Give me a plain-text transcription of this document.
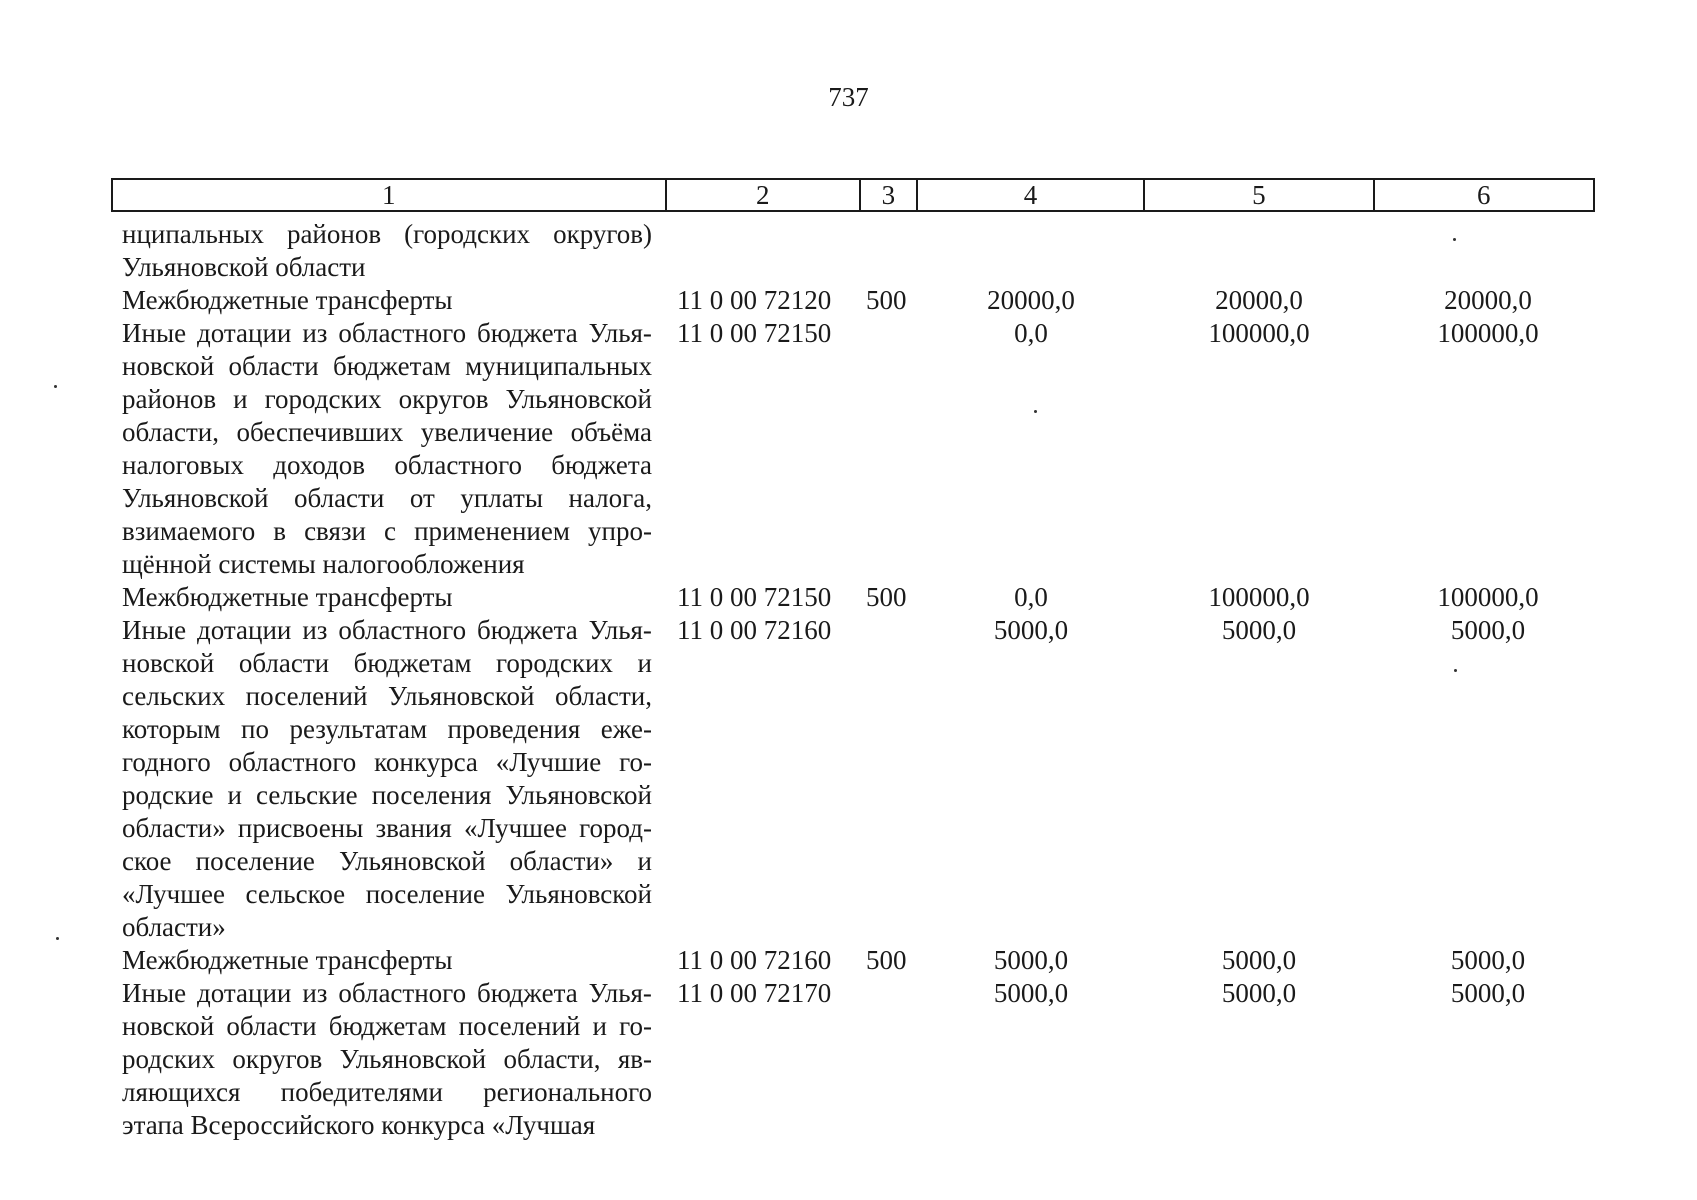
737
1	2	3	4	5	6
нципальных районов (городских округов)
Ульяновской области
Межбюджетные трансферты	11 0 00 72120 500	20000,0	20000,0	20000,0
Иные дотации из областного бюджета Улья-
новской области бюджетам муниципальных
районов и городских округов Ульяновской
области, обеспечивших увеличение объёма
налоговых доходов областного бюджета
Ульяновской области от уплаты налога,
взимаемого в связи с применением упро-
щённой системы налогообложения
11 0 00 72150	0,0	100000,0	100000,0
Межбюджетные трансферты	11 0 00 72150 500	0,0	100000,0	100000,0
Иные дотации из областного бюджета Улья-
новской области бюджетам городских и
сельских поселений Ульяновской области,
которым по результатам проведения еже-
годного областного конкурса «Лучшие го-
родские и сельские поселения Ульяновской
области» присвоены звания «Лучшее город-
ское поселение Ульяновской области» и
«Лучшее сельское поселение Ульяновской
области»
11 0 00 72160	5000,0	5000,0	5000,0
Межбюджетные трансферты	11 0 00 72160 500	5000,0	5000,0	5000,0
Иные дотации из областного бюджета Улья-
новской области бюджетам поселений и го-
родских округов Ульяновской области, яв-
ляющихся победителями регионального
этапа Всероссийского конкурса «Лучшая
11 0 00 72170	5000,0	5000,0	5000,0
